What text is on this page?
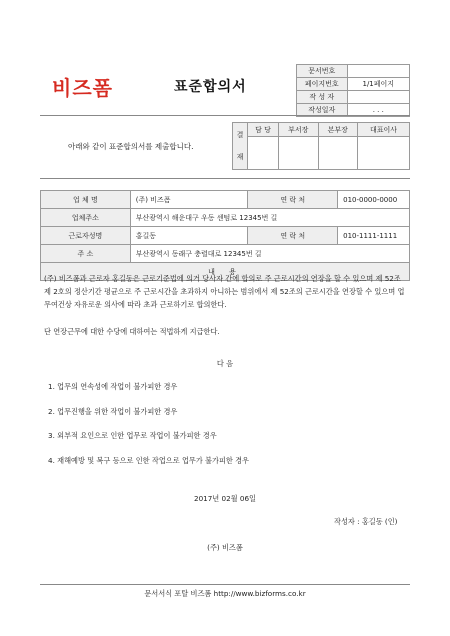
비즈폼	표준합의서
문서번호	
페이지번호	1/1페이지
작 성 자	
작성일자	. . .
아래와 같이 표준합의서를 제출합니다.
결
재	담 당	부서장	본부장	대표이사

업 체 명	(주) 비즈폼	연 락 처	010-0000-0000
업체주소	부산광역시 해운대구 우동 센텀로 12345번 길		
근로자성명	홍길동	연 락 처	010-1111-1111
주 소	부산광역시 동래구 충렬대로 12345번 길		
내 용			

(주) 비즈폼과 근로자 홍길동은 근로기준법에 의거 당사자 간에 합의로 주 근로시간의 연장을 할 수 있으며 제 52조 제 2호의 정산기간 평균으로 주 근로시간을 초과하지 아니하는 범위에서 제 52조의 근로시간을 연장할 수 있으며 업무여건상 자유로운 의사에 따라 초과 근로하기로 합의한다.

단 연장근무에 대한 수당에 대하여는 적법하게 지급한다.

다 음
1. 업무의 연속성에 작업이 불가피한 경우
2. 업무진행을 위한 작업이 불가피한 경우
3. 외부적 요인으로 인한 업무로 작업이 불가피한 경우
4. 재해예방 및 복구 등으로 인한 작업으로 업무가 불가피한 경우
2017년 02월 06일
작성자 : 홍길동 (인)
(주) 비즈폼
문서서식 포탈 비즈폼 http://www.bizforms.co.kr
